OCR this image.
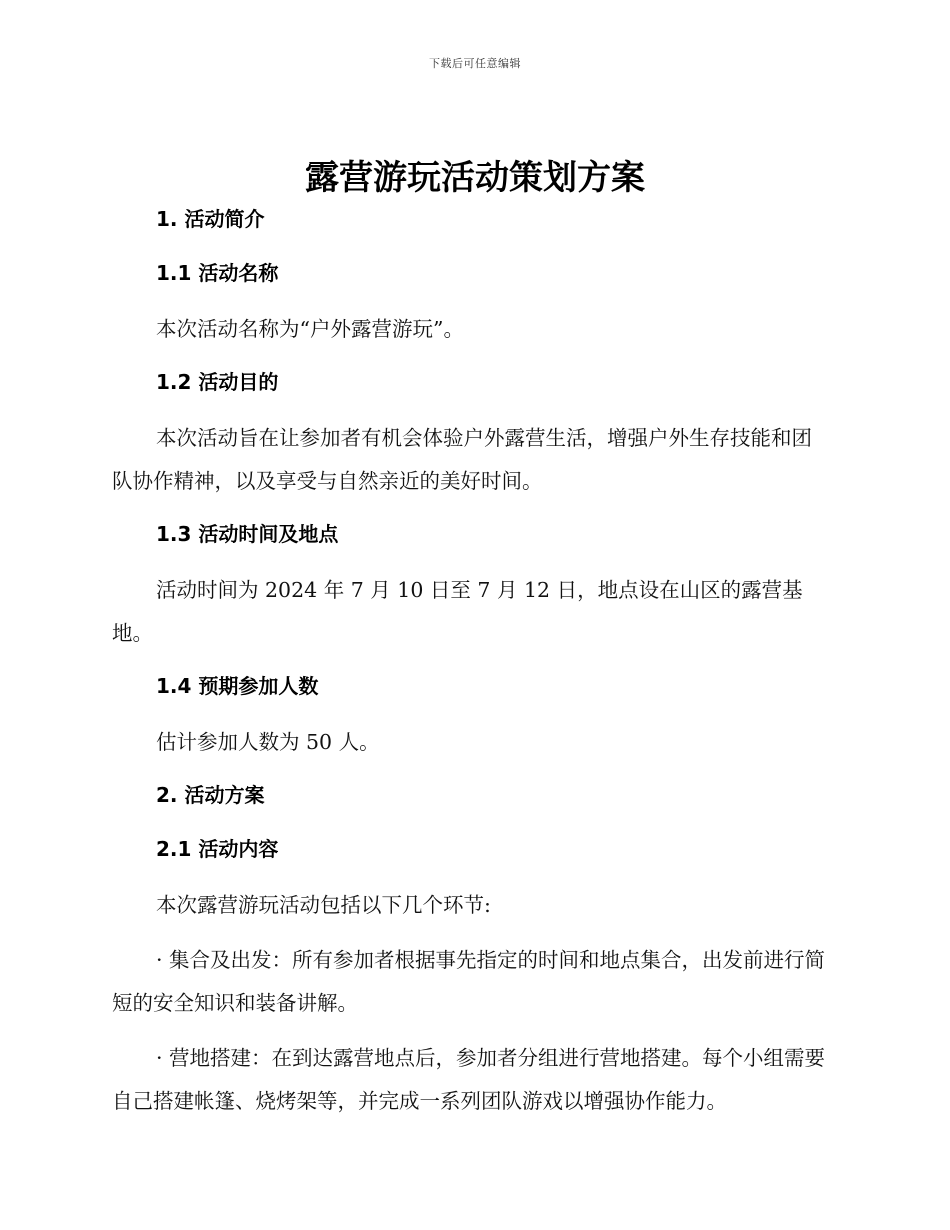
下载后可任意编辑
露营游玩活动策划方案
1. 活动简介
1.1 活动名称

本次活动名称为“户外露营游玩”。

1.2 活动目的

本次活动旨在让参加者有机会体验户外露营生活，增强户外生存技能和团队协作精神，以及享受与自然亲近的美好时间。

1.3 活动时间及地点

活动时间为 2024 年 7 月 10 日至 7 月 12 日，地点设在山区的露营基地。

1.4 预期参加人数

估计参加人数为 50 人。

2. 活动方案
2.1 活动内容

本次露营游玩活动包括以下几个环节:

· 集合及出发：所有参加者根据事先指定的时间和地点集合，出发前进行简短的安全知识和装备讲解。

· 营地搭建：在到达露营地点后，参加者分组进行营地搭建。每个小组需要自己搭建帐篷、烧烤架等，并完成一系列团队游戏以增强协作能力。
